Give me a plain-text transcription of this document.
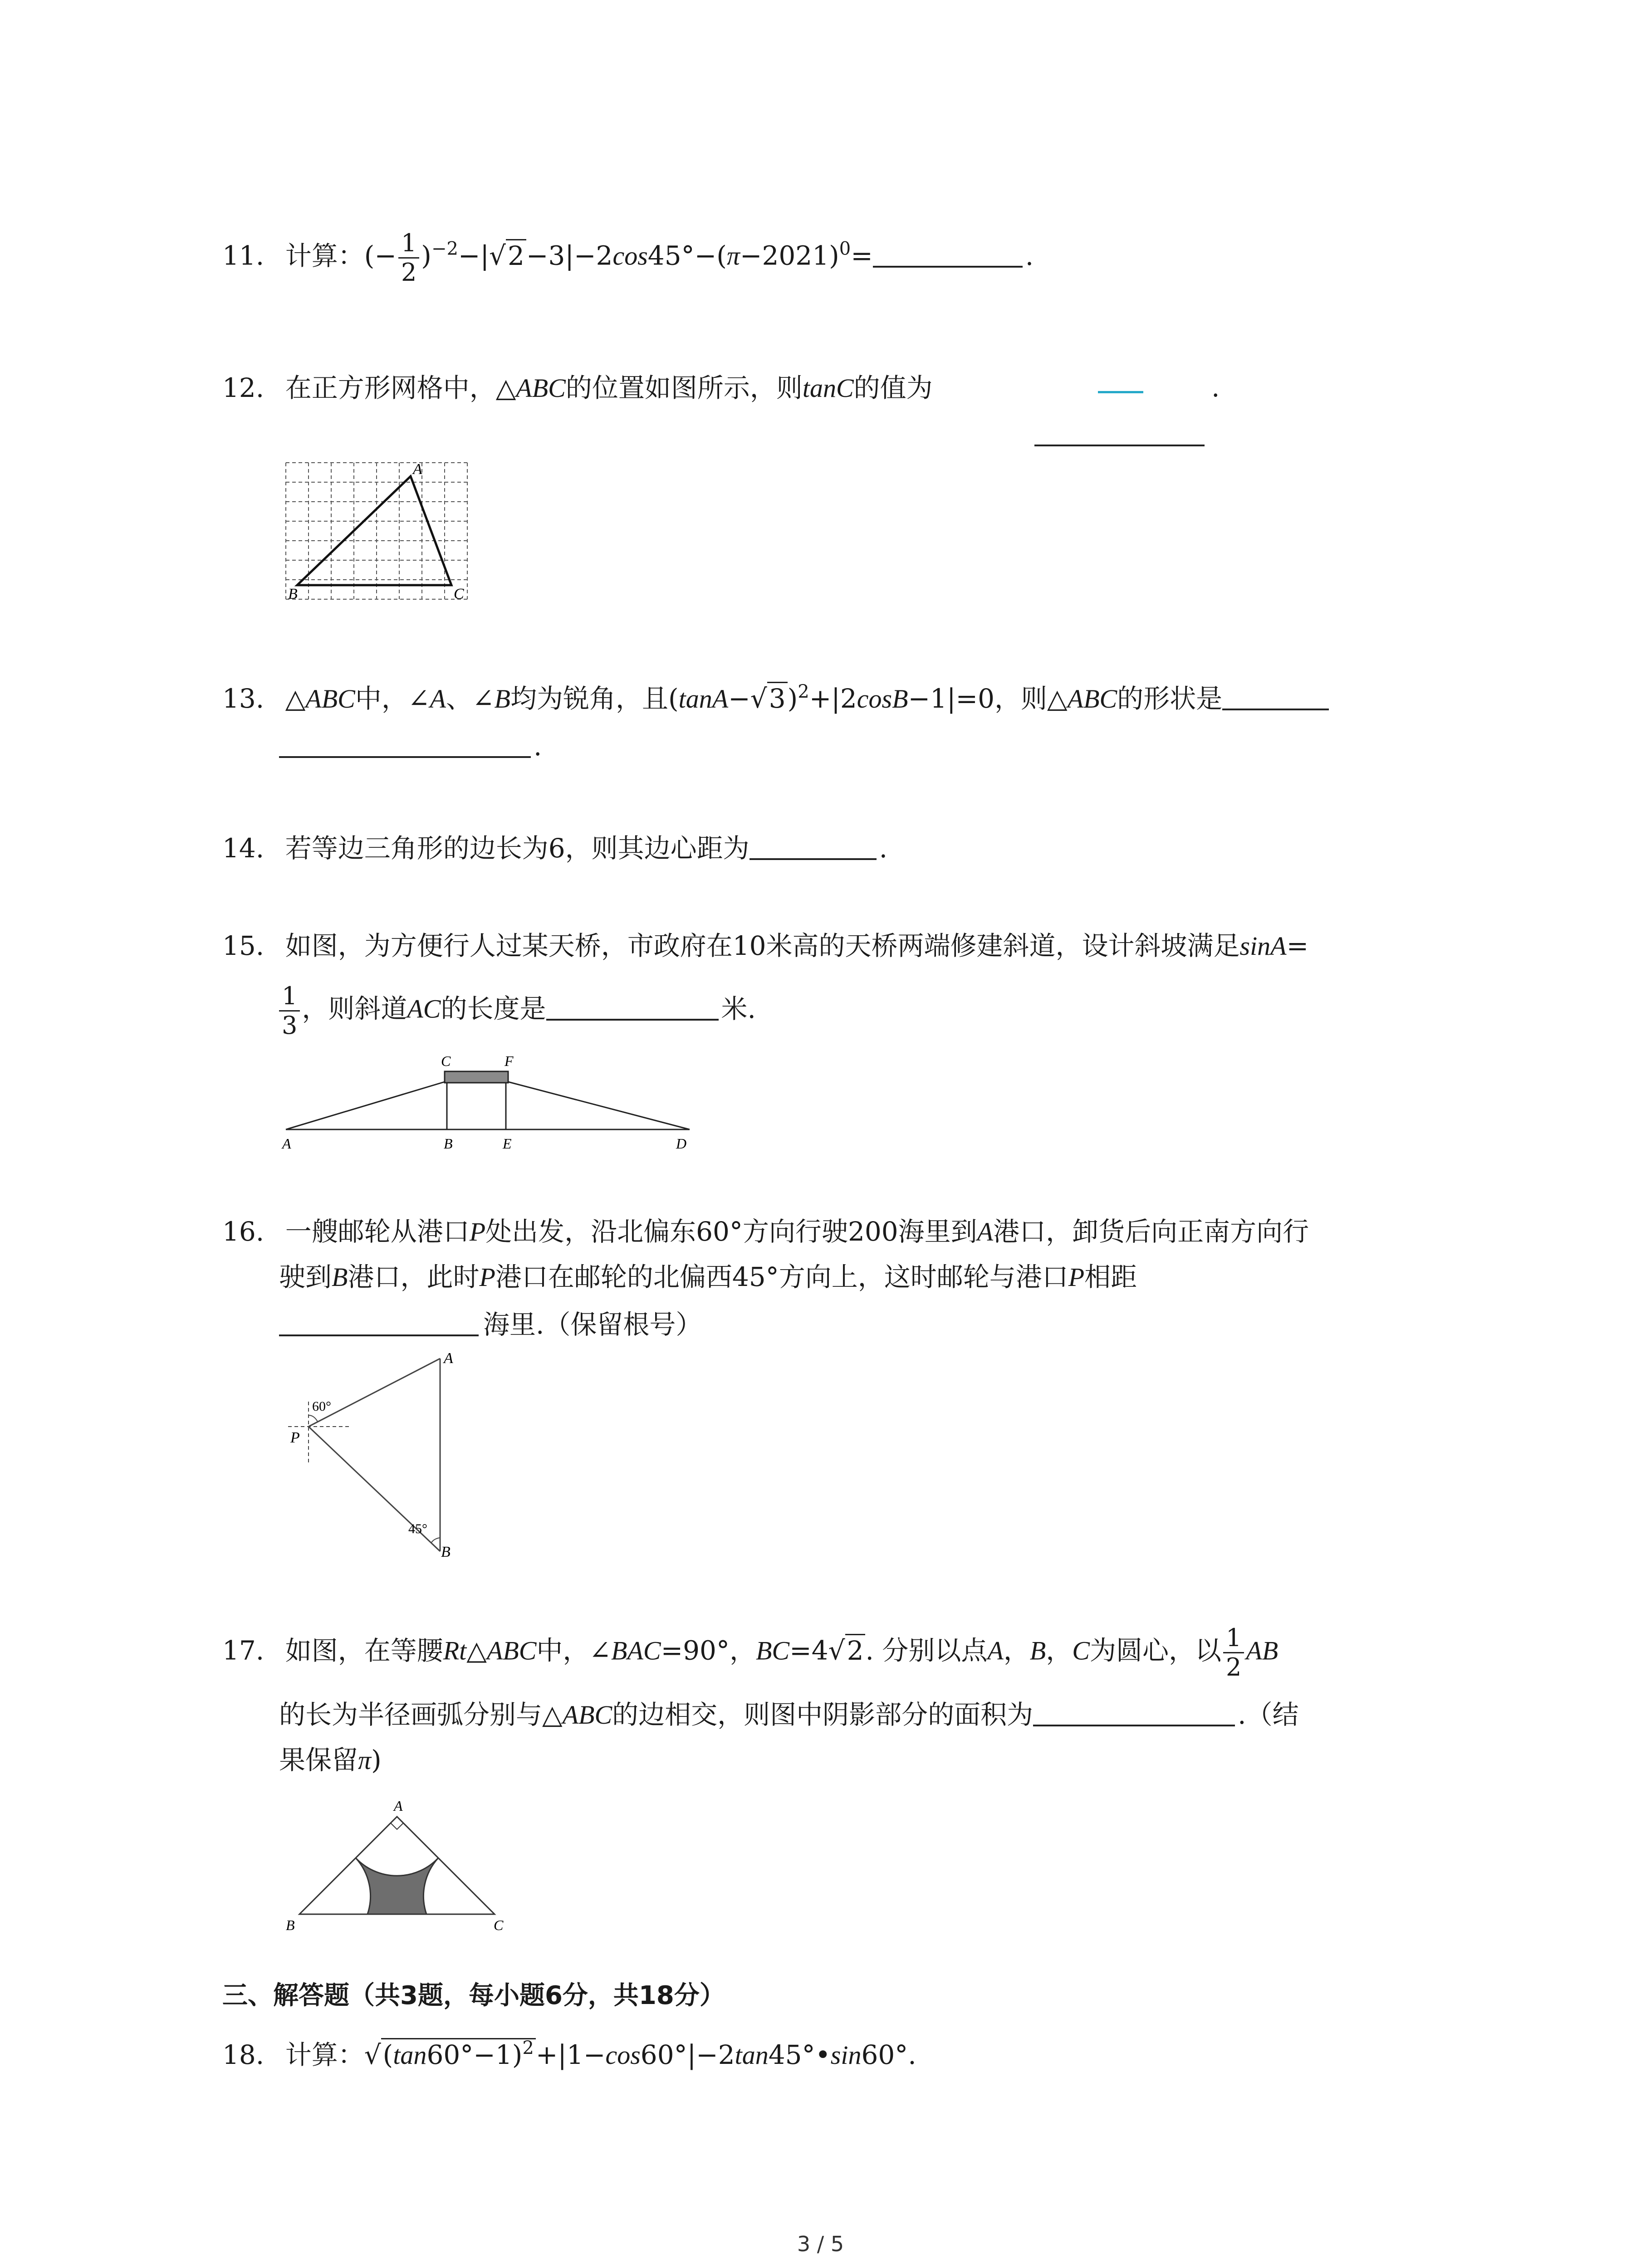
11. 计算：(− $\frac{1}{2} )^{-2}-|√2-3|-2\cos 45^\circ-(\pi-2021)^0=$	.
12. 在正方形网格中，△ABC的位置如图所示，则tanC的值为	.
A
B	C
13. △ABC中，∠A、∠B均为锐角，且$(\tan A-√3)^2+|2\cos B-1|=0$，则△ABC的形状是
.
14. 若等边三角形的边长为6，则其边心距为	.
15. 如图，为方便行人过某天桥，市政府在10米高的天桥两端修建斜道，设计斜坡满足sinA=
$\frac{1}{3}$ ，则斜道AC的长度是	米.
C	F
A	B	E	D
16. 一艘邮轮从港口P处出发，沿北偏东60°方向行驶200海里到A港口，卸货后向正南方向行
驶到B港口，此时P港口在邮轮的北偏西45°方向上，这时邮轮与港口P相距
海里.（保留根号）
60°
45°
A
P
B
17. 如图，在等腰Rt△ABC中，∠BAC=90°，BC=4√2. 分别以点A，B，C为圆心，以 $\frac{1}{2}$ AB
的长为半径画弧分别与△ABC的边相交，则图中阴影部分的面积为	.（结
果保留π)
A
B	C
三、解答题（共3题，每小题6分，共18分）
18. 计算：$√(\tan 60^\circ-1)^2+|1-\cos 60^\circ|-2\tan 45^\circ•\sin 60^\circ$.
3 / 5
